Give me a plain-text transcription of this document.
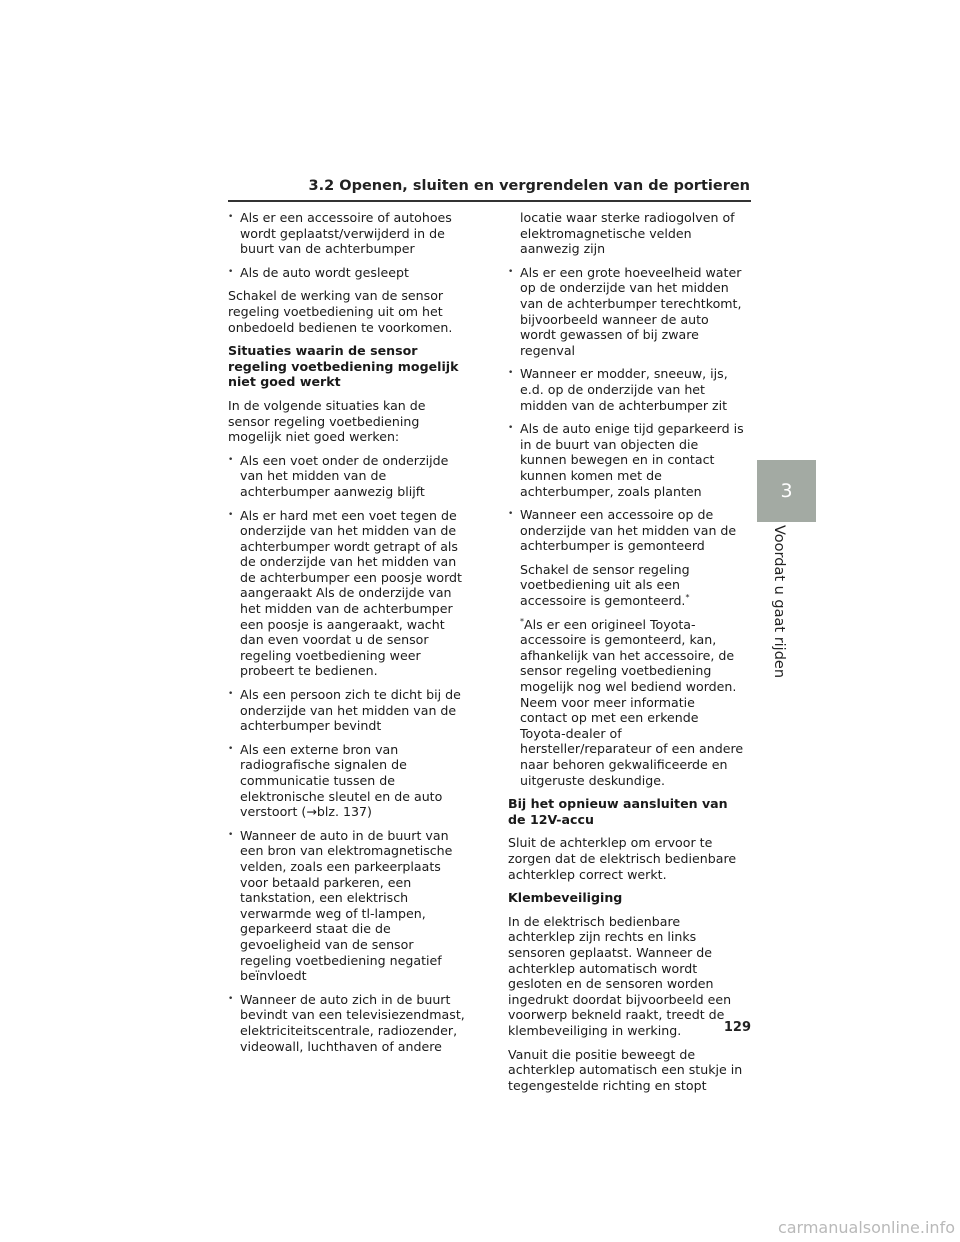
3.2 Openen, sluiten en vergrendelen van de portieren
• Als er een accessoire of autohoes wordt geplaatst/verwijderd in de buurt van de achterbumper
• Als de auto wordt gesleept

Schakel de werking van de sensor regeling voetbediening uit om het onbedoeld bedienen te voorkomen.

Situaties waarin de sensor regeling voetbediening mogelijk niet goed werkt

In de volgende situaties kan de sensor regeling voetbediening mogelijk niet goed werken:

• Als een voet onder de onderzijde van het midden van de achterbumper aanwezig blijft
• Als er hard met een voet tegen de onderzijde van het midden van de achterbumper wordt getrapt of als de onderzijde van het midden van de achterbumper een poosje wordt aangeraakt Als de onderzijde van het midden van de achterbumper een poosje is aangeraakt, wacht dan even voordat u de sensor regeling voetbediening weer probeert te bedienen.
• Als een persoon zich te dicht bij de onderzijde van het midden van de achterbumper bevindt
• Als een externe bron van radiografische signalen de communicatie tussen de elektronische sleutel en de auto verstoort (→blz. 137)
• Wanneer de auto in de buurt van een bron van elektromagnetische velden, zoals een parkeerplaats voor betaald parkeren, een tankstation, een elektrisch verwarmde weg of tl-lampen, geparkeerd staat die de gevoeligheid van de sensor regeling voetbediening negatief beïnvloedt
• Wanneer de auto zich in de buurt bevindt van een televisiezendmast, elektriciteitscentrale, radiozender, videowall, luchthaven of andere

locatie waar sterke radiogolven of elektromagnetische velden aanwezig zijn

• Als er een grote hoeveelheid water op de onderzijde van het midden van de achterbumper terechtkomt, bijvoorbeeld wanneer de auto wordt gewassen of bij zware regenval
• Wanneer er modder, sneeuw, ijs, e.d. op de onderzijde van het midden van de achterbumper zit
• Als de auto enige tijd geparkeerd is in de buurt van objecten die kunnen bewegen en in contact kunnen komen met de achterbumper, zoals planten
• Wanneer een accessoire op de onderzijde van het midden van de achterbumper is gemonteerd

Schakel de sensor regeling voetbediening uit als een accessoire is gemonteerd.*

*Als er een origineel Toyota-accessoire is gemonteerd, kan, afhankelijk van het accessoire, de sensor regeling voetbediening mogelijk nog wel bediend worden. Neem voor meer informatie contact op met een erkende Toyota-dealer of hersteller/reparateur of een andere naar behoren gekwalificeerde en uitgeruste deskundige.

Bij het opnieuw aansluiten van de 12V-accu

Sluit de achterklep om ervoor te zorgen dat de elektrisch bedienbare achterklep correct werkt.

Klembeveiliging

In de elektrisch bedienbare achterklep zijn rechts en links sensoren geplaatst. Wanneer de achterklep automatisch wordt gesloten en de sensoren worden ingedrukt doordat bijvoorbeeld een voorwerp bekneld raakt, treedt de klembeveiliging in werking.

Vanuit die positie beweegt de achterklep automatisch een stukje in tegengestelde richting en stopt

3
Voordat u gaat rijden
129
carmanualsonline.info
